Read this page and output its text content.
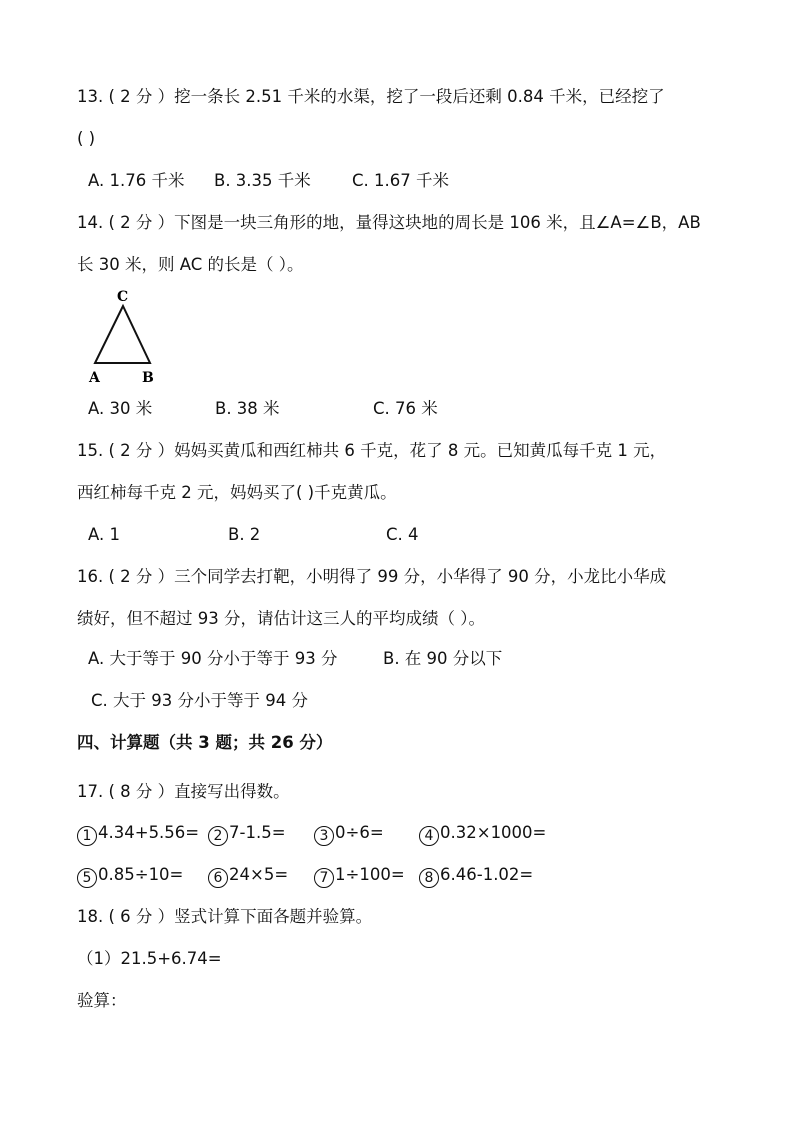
13. ( 2 分 ）挖一条长 2.51 千米的水渠，挖了一段后还剩 0.84 千米，已经挖了
( )
A. 1.76 千米 B. 3.35 千米 C. 1.67 千米
14. ( 2 分 ）下图是一块三角形的地，量得这块地的周长是 106 米，且∠A=∠B，AB
长 30 米，则 AC 的长是（ ）。
C
A	B
A. 30 米	B. 38 米	C. 76 米
15. ( 2 分 ）妈妈买黄瓜和西红柿共 6 千克，花了 8 元。已知黄瓜每千克 1 元，
西红柿每千克 2 元，妈妈买了( )千克黄瓜。
A. 1	B. 2	C. 4
16. ( 2 分 ）三个同学去打靶，小明得了 99 分，小华得了 90 分，小龙比小华成
绩好，但不超过 93 分，请估计这三人的平均成绩（ ）。
A. 大于等于 90 分小于等于 93 分	B. 在 90 分以下
C. 大于 93 分小于等于 94 分
四、计算题（共 3 题；共 26 分）
17. ( 8 分 ）直接写出得数。
1 4.34+5.56=	2 7-1.5=	3 0÷6=	4 0.32×1000=
5 0.85÷10=	6 24×5=	7 1÷100=	8 6.46-1.02=
18. ( 6 分 ）竖式计算下面各题并验算。
（1）21.5+6.74=
验算：
